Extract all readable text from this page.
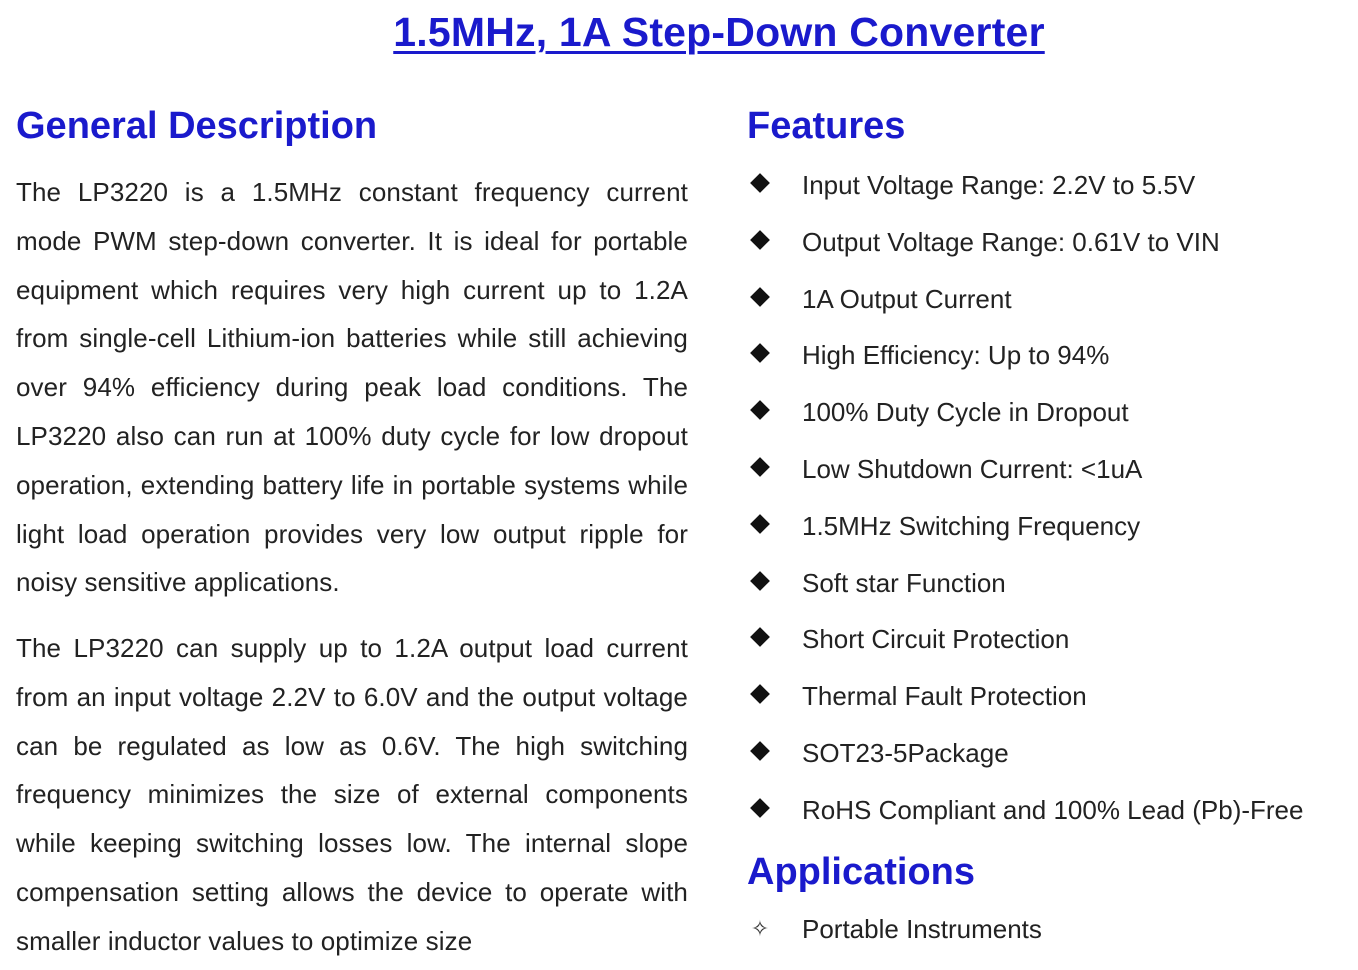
1.5MHz, 1A Step-Down Converter
General Description

The LP3220 is a 1.5MHz constant frequency current mode PWM step-down converter. It is ideal for portable equipment which requires very high current up to 1.2A from single-cell Lithium-ion batteries while still achieving over 94% efficiency during peak load conditions. The LP3220 also can run at 100% duty cycle for low dropout operation, extending battery life in portable systems while light load operation provides very low output ripple for noisy sensitive applications.

The LP3220 can supply up to 1.2A output load current from an input voltage 2.2V to 6.0V and the output voltage can be regulated as low as 0.6V. The high switching frequency minimizes the size of external components while keeping switching losses low. The internal slope compensation setting allows the device to operate with smaller inductor values to optimize size

Features
Input Voltage Range: 2.2V to 5.5V
Output Voltage Range: 0.61V to VIN
1A Output Current
High Efficiency: Up to 94%
100% Duty Cycle in Dropout
Low Shutdown Current: <1uA
1.5MHz Switching Frequency
Soft star Function
Short Circuit Protection
Thermal Fault Protection
SOT23-5Package
RoHS Compliant and 100% Lead (Pb)-Free
Applications
✧ Portable Instruments
